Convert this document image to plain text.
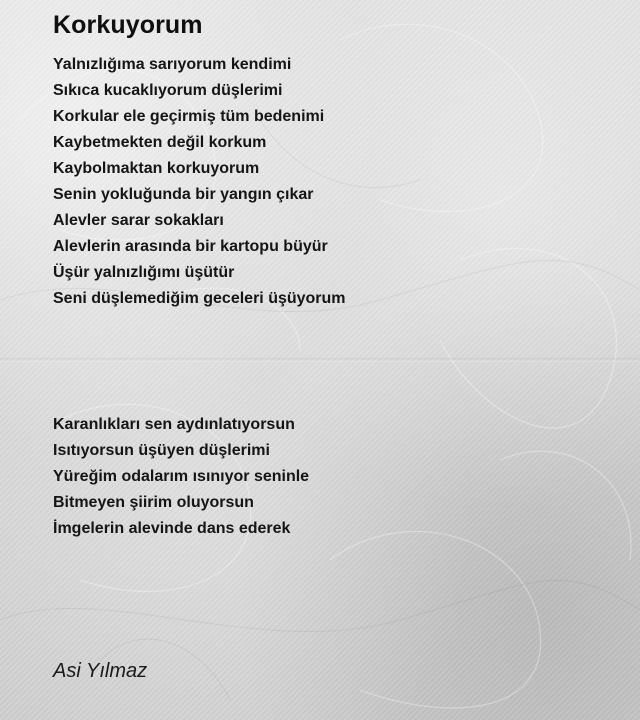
Korkuyorum
Yalnızlığıma sarıyorum kendimi
Sıkıca kucaklıyorum düşlerimi
Korkular ele geçirmiş tüm bedenimi
Kaybetmekten değil korkum
Kaybolmaktan korkuyorum
Senin yokluğunda bir yangın çıkar
Alevler sarar sokakları
Alevlerin arasında bir kartopu büyür
Üşür yalnızlığımı üşütür
Seni düşlemediğim geceleri üşüyorum
Karanlıkları sen aydınlatıyorsun
Isıtıyorsun üşüyen düşlerimi
Yüreğim odalarım ısınıyor seninle
Bitmeyen şiirim oluyorsun
İmgelerin alevinde dans ederek

Asi Yılmaz
